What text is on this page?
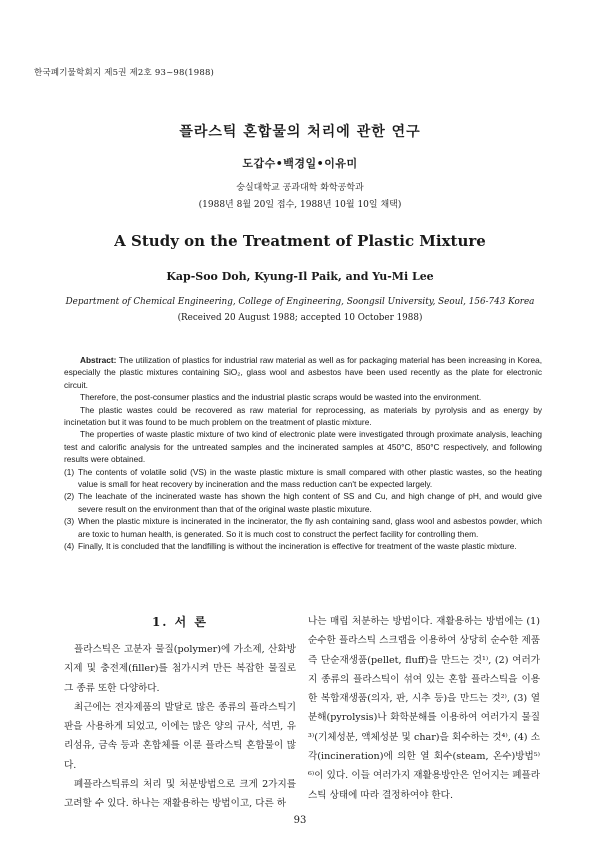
한국폐기물학회지 제5권 제2호 93~98(1988)
플라스틱 혼합물의 처리에 관한 연구
도갑수•백경일•이유미
숭실대학교 공과대학 화학공학과
(1988년 8월 20일 접수, 1988년 10월 10일 채택)
A Study on the Treatment of Plastic Mixture
Kap-Soo Doh, Kyung-Il Paik, and Yu-Mi Lee
Department of Chemical Engineering, College of Engineering, Soongsil University, Seoul, 156-743 Korea
(Received 20 August 1988; accepted 10 October 1988)

Abstract: The utilization of plastics for industrial raw material as well as for packaging material has been increasing in Korea, especially the plastic mixtures containing SiO₂, glass wool and asbestos have been used recently as the plate for electronic circuit.

Therefore, the post-consumer plastics and the industrial plastic scraps would be wasted into the environment.

The plastic wastes could be recovered as raw material for reprocessing, as materials by pyrolysis and as energy by incinetation but it was found to be much problem on the treatment of plastic mixture.

The properties of waste plastic mixture of two kind of electronic plate were investigated through proximate analysis, leaching test and calorific analysis for the untreated samples and the incinerated samples at 450°C, 850°C respectively, and following results were obtained.

(1) The contents of volatile solid (VS) in the waste plastic mixture is small compared with other plastic wastes, so the heating value is small for heat recovery by incineration and the mass reduction can't be expected largely.
(2) The leachate of the incinerated waste has shown the high content of SS and Cu, and high change of pH, and would give severe result on the environment than that of the original waste plastic mixuture.
(3) When the plastic mixture is incinerated in the incinerator, the fly ash containing sand, glass wool and asbestos powder, which are toxic to human health, is generated. So it is much cost to construct the perfect facility for controlling them.
(4) Finally, It is concluded that the landfilling is without the incineration is effective for treatment of the waste plastic mixture.
1. 서 론

플라스틱은 고분자 물질(polymer)에 가소제, 산화방지제 및 충전제(filler)를 첨가시켜 만든 복잡한 물질로 그 종류 또한 다양하다.

최근에는 전자제품의 발달로 많은 종류의 플라스틱기판을 사용하게 되었고, 이에는 많은 양의 규사, 석면, 유리섬유, 금속 등과 혼합체를 이룬 플라스틱 혼합물이 많다.

폐플라스틱류의 처리 및 처분방법으로 크게 2가지를 고려할 수 있다. 하나는 재활용하는 방법이고, 다른 하

나는 매립 처분하는 방법이다. 재활용하는 방법에는 (1) 순수한 플라스틱 스크랩을 이용하여 상당히 순수한 제품 즉 단순재생품(pellet, fluff)을 만드는 것¹⁾, (2) 여러가지 종류의 플라스틱이 섞여 있는 혼합 플라스틱을 이용한 복합재생품(의자, 판, 시추 등)을 만드는 것²⁾, (3) 열분해(pyrolysis)나 화학분해를 이용하여 여러가지 물질³⁾(기체성분, 액체성분 및 char)을 회수하는 것⁴⁾, (4) 소각(incineration)에 의한 열 회수(steam, 온수)방법⁵⁾⁶⁾이 있다. 이들 여러가지 재활용방안은 얻어지는 폐플라스틱 상태에 따라 결정하여야 한다.

93
